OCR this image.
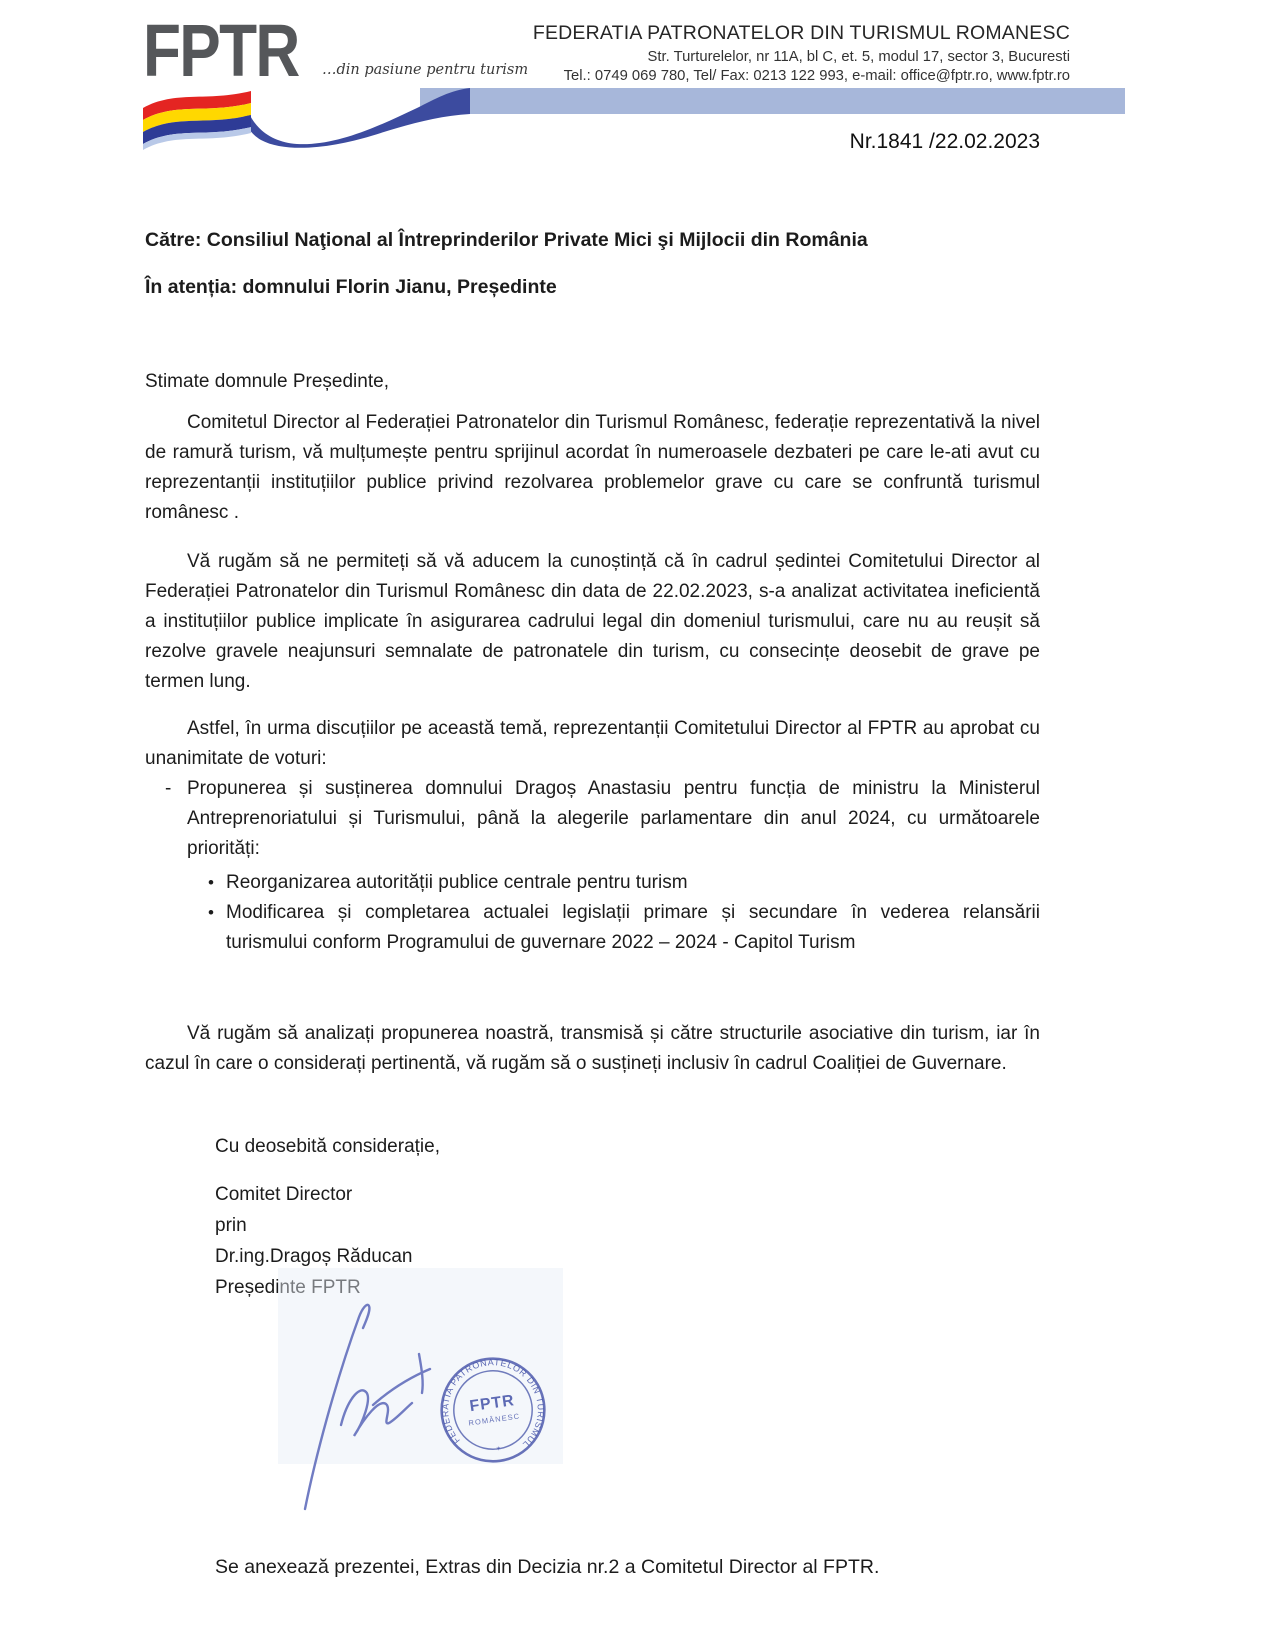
FPTR …din pasiune pentru turism
FEDERATIA PATRONATELOR DIN TURISMUL ROMANESC
Str. Turturelelor, nr 11A, bl C, et. 5, modul 17, sector 3, Bucuresti
Tel.: 0749 069 780, Tel/ Fax: 0213 122 993, e-mail: office@fptr.ro, www.fptr.ro
Nr.1841 /22.02.2023

Către: Consiliul Naţional al Întreprinderilor Private Mici şi Mijlocii din România

În atenția: domnului Florin Jianu, Președinte

Stimate domnule Președinte,

Comitetul Director al Federației Patronatelor din Turismul Românesc, federație reprezentativă la nivel de ramură turism, vă mulțumește pentru sprijinul acordat în numeroasele dezbateri pe care le-ati avut cu reprezentanții instituțiilor publice privind rezolvarea problemelor grave cu care se confruntă turismul românesc .

Vă rugăm să ne permiteți să vă aducem la cunoștință că în cadrul ședintei Comitetului Director al Federației Patronatelor din Turismul Românesc din data de 22.02.2023, s-a analizat activitatea ineficientă a instituțiilor publice implicate în asigurarea cadrului legal din domeniul turismului, care nu au reușit să rezolve gravele neajunsuri semnalate de patronatele din turism, cu consecințe deosebit de grave pe termen lung.

Astfel, în urma discuțiilor pe această temă, reprezentanții Comitetului Director al FPTR au aprobat cu unanimitate de voturi:

- Propunerea și susținerea domnului Dragoș Anastasiu pentru funcția de ministru la Ministerul Antreprenoriatului și Turismului, până la alegerile parlamentare din anul 2024, cu următoarele priorități:

• Reorganizarea autorității publice centrale pentru turism

• Modificarea și completarea actualei legislații primare și secundare în vederea relansării turismului conform Programului de guvernare 2022 – 2024 - Capitol Turism

Vă rugăm să analizați propunerea noastră, transmisă și către structurile asociative din turism, iar în cazul în care o considerați pertinentă, vă rugăm să o susțineți inclusiv în cadrul Coaliției de Guvernare.

Cu deosebită considerație,

Comitet Director

prin

Dr.ing.Dragoș Răducan

Președinte FPTR

FEDERATIA PATRONATELOR DIN TURISMUL
FPTR
ROMÂNESC
✶
Se anexează prezentei, Extras din Decizia nr.2 a Comitetul Director al FPTR.
